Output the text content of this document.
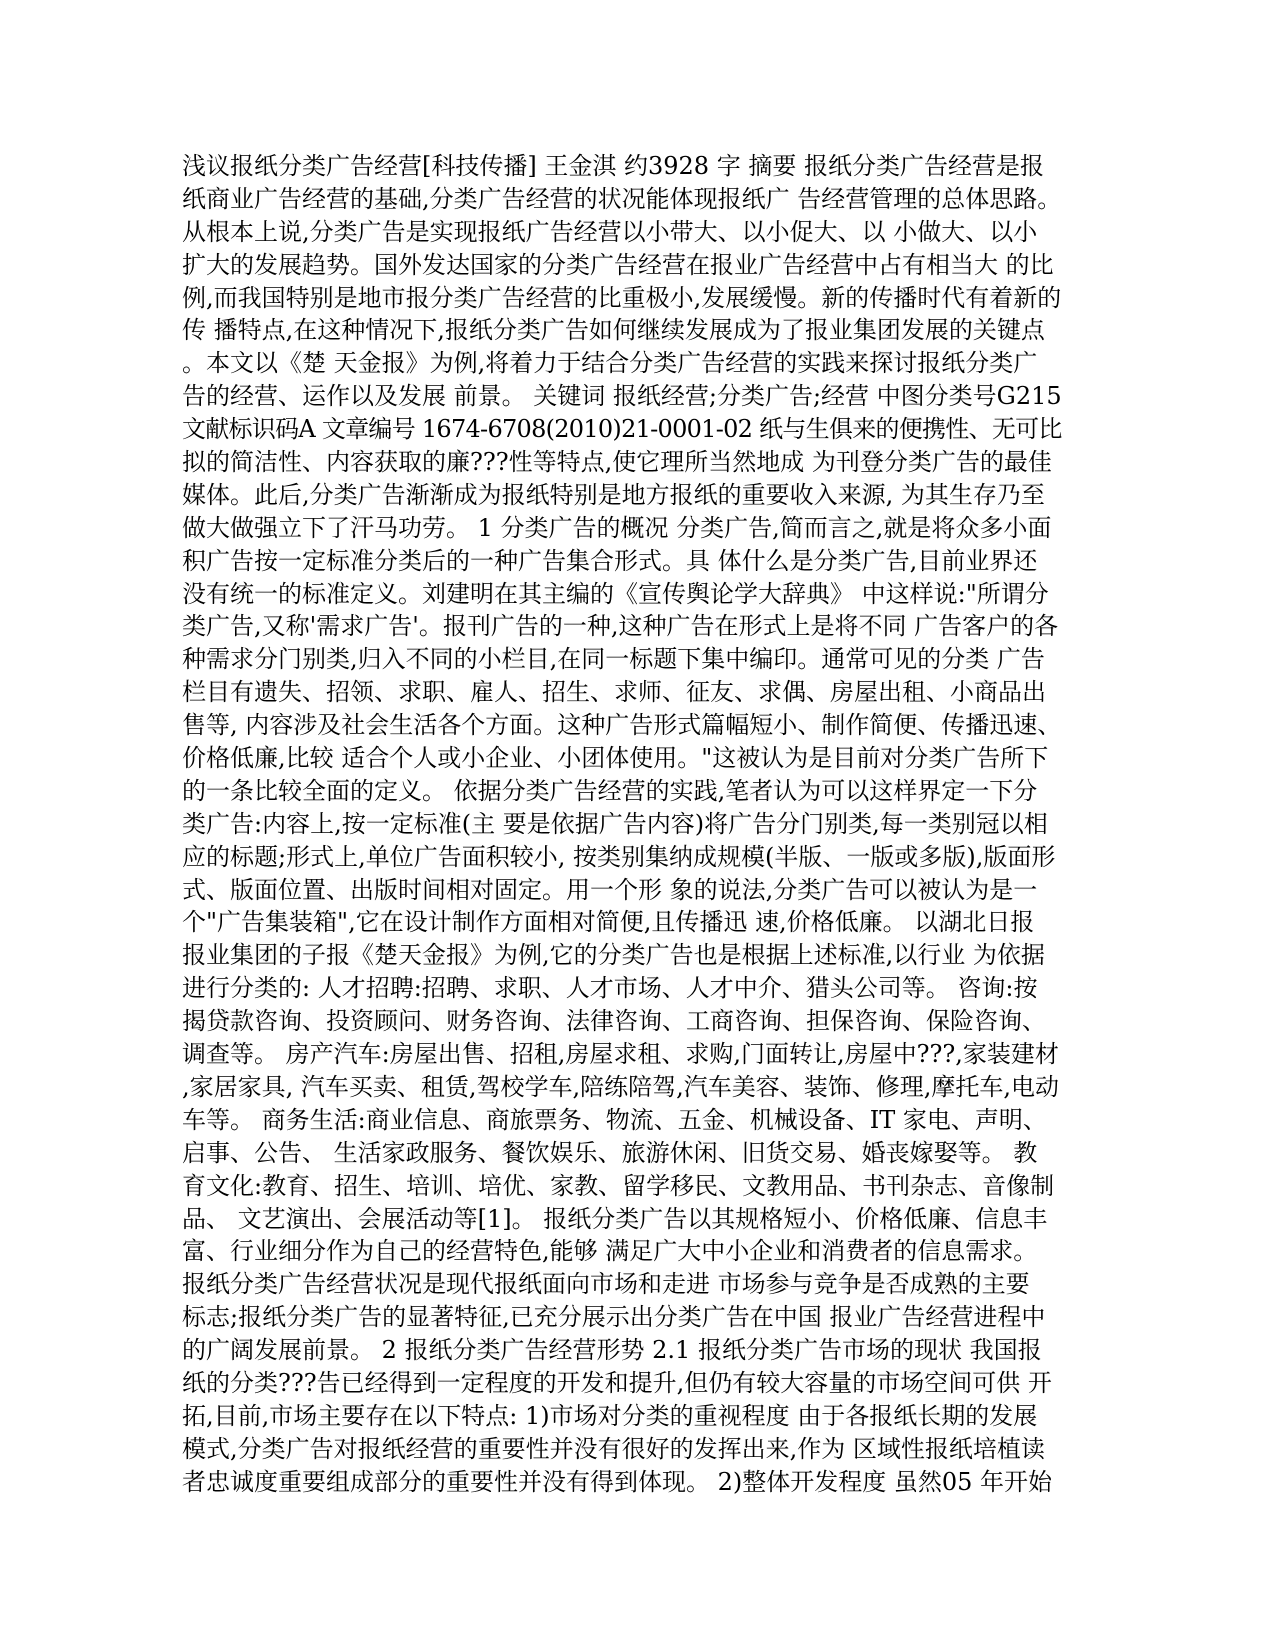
浅议报纸分类广告经营[科技传播] 王金淇 约3928 字 摘要 报纸分类广告经营是报
纸商业广告经营的基础,分类广告经营的状况能体现报纸广 告经营管理的总体思路。
从根本上说,分类广告是实现报纸广告经营以小带大、以小促大、以 小做大、以小
扩大的发展趋势。国外发达国家的分类广告经营在报业广告经营中占有相当大 的比
例,而我国特别是地市报分类广告经营的比重极小,发展缓慢。新的传播时代有着新的
传 播特点,在这种情况下,报纸分类广告如何继续发展成为了报业集团发展的关键点
。本文以《楚 天金报》为例,将着力于结合分类广告经营的实践来探讨报纸分类广
告的经营、运作以及发展 前景。 关键词 报纸经营;分类广告;经营 中图分类号G215
文献标识码A 文章编号 1674-6708(2010)21-0001-02 纸与生俱来的便携性、无可比
拟的简洁性、内容获取的廉???性等特点,使它理所当然地成 为刊登分类广告的最佳
媒体。此后,分类广告渐渐成为报纸特别是地方报纸的重要收入来源, 为其生存乃至
做大做强立下了汗马功劳。 1 分类广告的概况 分类广告,简而言之,就是将众多小面
积广告按一定标准分类后的一种广告集合形式。具 体什么是分类广告,目前业界还
没有统一的标准定义。刘建明在其主编的《宣传舆论学大辞典》 中这样说:"所谓分
类广告,又称'需求广告'。报刊广告的一种,这种广告在形式上是将不同 广告客户的各
种需求分门别类,归入不同的小栏目,在同一标题下集中编印。通常可见的分类 广告
栏目有遗失、招领、求职、雇人、招生、求师、征友、求偶、房屋出租、小商品出
售等, 内容涉及社会生活各个方面。这种广告形式篇幅短小、制作简便、传播迅速、
价格低廉,比较 适合个人或小企业、小团体使用。"这被认为是目前对分类广告所下
的一条比较全面的定义。 依据分类广告经营的实践,笔者认为可以这样界定一下分
类广告:内容上,按一定标准(主 要是依据广告内容)将广告分门别类,每一类别冠以相
应的标题;形式上,单位广告面积较小, 按类别集纳成规模(半版、一版或多版),版面形
式、版面位置、出版时间相对固定。用一个形 象的说法,分类广告可以被认为是一
个"广告集装箱",它在设计制作方面相对简便,且传播迅 速,价格低廉。 以湖北日报
报业集团的子报《楚天金报》为例,它的分类广告也是根据上述标准,以行业 为依据
进行分类的: 人才招聘:招聘、求职、人才市场、人才中介、猎头公司等。 咨询:按
揭贷款咨询、投资顾问、财务咨询、法律咨询、工商咨询、担保咨询、保险咨询、
调查等。 房产汽车:房屋出售、招租,房屋求租、求购,门面转让,房屋中???,家装建材
,家居家具, 汽车买卖、租赁,驾校学车,陪练陪驾,汽车美容、装饰、修理,摩托车,电动
车等。 商务生活:商业信息、商旅票务、物流、五金、机械设备、IT 家电、声明、
启事、公告、 生活家政服务、餐饮娱乐、旅游休闲、旧货交易、婚丧嫁娶等。 教
育文化:教育、招生、培训、培优、家教、留学移民、文教用品、书刊杂志、音像制
品、 文艺演出、会展活动等[1]。 报纸分类广告以其规格短小、价格低廉、信息丰
富、行业细分作为自己的经营特色,能够 满足广大中小企业和消费者的信息需求。
报纸分类广告经营状况是现代报纸面向市场和走进 市场参与竞争是否成熟的主要
标志;报纸分类广告的显著特征,已充分展示出分类广告在中国 报业广告经营进程中
的广阔发展前景。 2 报纸分类广告经营形势 2.1 报纸分类广告市场的现状 我国报
纸的分类???告已经得到一定程度的开发和提升,但仍有较大容量的市场空间可供 开
拓,目前,市场主要存在以下特点: 1)市场对分类的重视程度 由于各报纸长期的发展
模式,分类广告对报纸经营的重要性并没有很好的发挥出来,作为 区域性报纸培植读
者忠诚度重要组成部分的重要性并没有得到体现。 2)整体开发程度 虽然05 年开始
